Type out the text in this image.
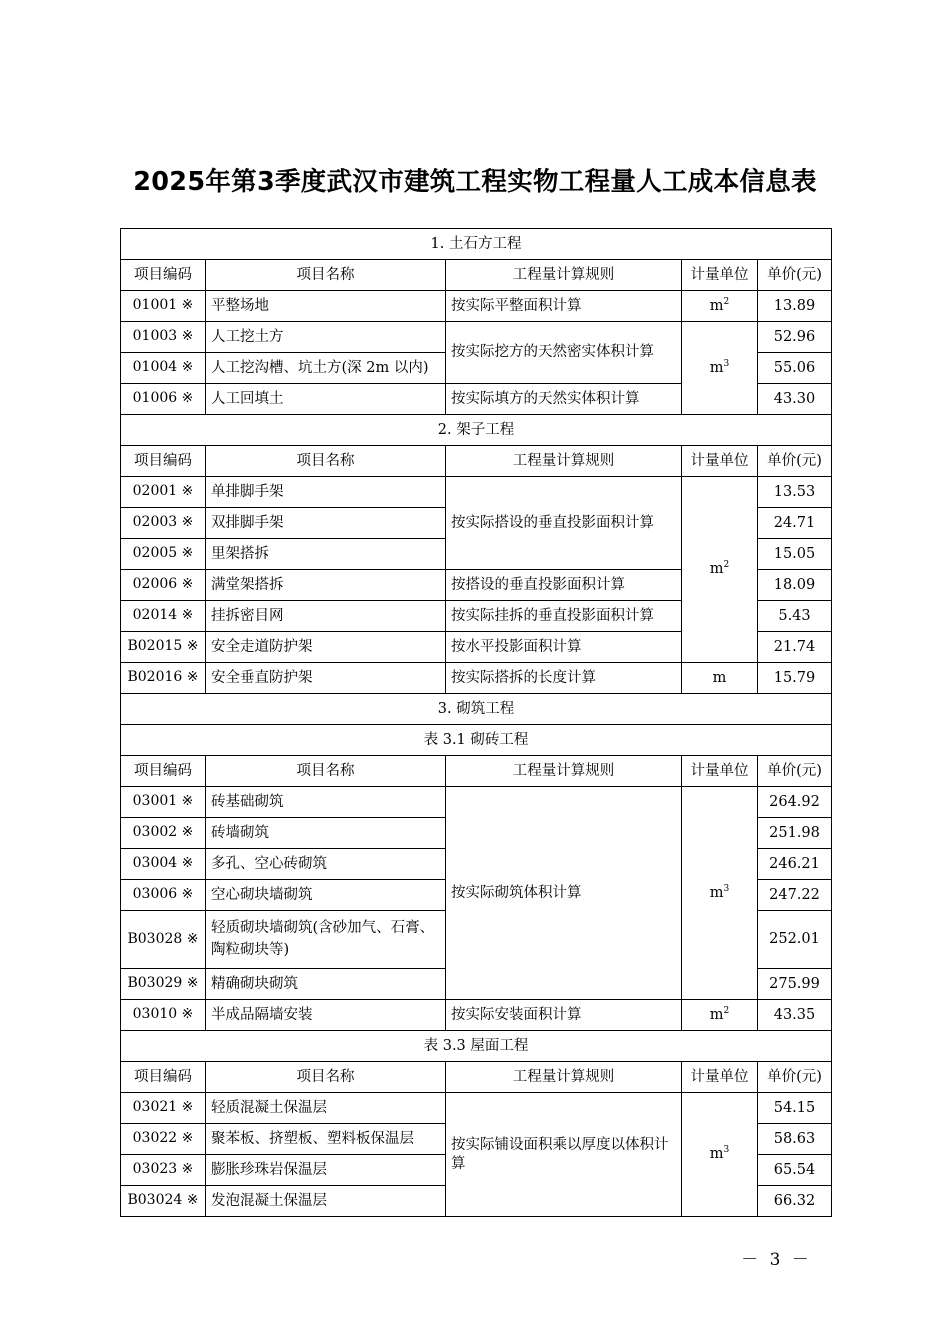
2025年第3季度武汉市建筑工程实物工程量人工成本信息表
1. 土石方工程				
项目编码	项目名称	工程量计算规则	计量单位	单价(元)
01001 ※	平整场地	按实际平整面积计算	$m^2$	13.89
01003 ※	人工挖土方	按实际挖方的天然密实体积计算	$m^3$	52.96
01004 ※	人工挖沟槽、坑土方(深 2m 以内)			55.06
01006 ※	人工回填土	按实际填方的天然实体积计算		43.30
2. 架子工程				
项目编码	项目名称	工程量计算规则	计量单位	单价(元)
02001 ※	单排脚手架	按实际搭设的垂直投影面积计算	$m^2$	13.53
02003 ※	双排脚手架			24.71
02005 ※	里架搭拆			15.05
02006 ※	满堂架搭拆	按搭设的垂直投影面积计算		18.09
02014 ※	挂拆密目网	按实际挂拆的垂直投影面积计算		5.43
B02015 ※	安全走道防护架	按水平投影面积计算		21.74
B02016 ※	安全垂直防护架	按实际搭拆的长度计算	m	15.79
3. 砌筑工程				
表 3.1 砌砖工程				
项目编码	项目名称	工程量计算规则	计量单位	单价(元)
03001 ※	砖基础砌筑	按实际砌筑体积计算	$m^3$	264.92
03002 ※	砖墙砌筑			251.98
03004 ※	多孔、空心砖砌筑			246.21
03006 ※	空心砌块墙砌筑			247.22
B03028 ※	轻质砌块墙砌筑(含砂加气、石膏、陶粒砌块等)			252.01
B03029 ※	精确砌块砌筑			275.99
03010 ※	半成品隔墙安装	按实际安装面积计算	$m^2$	43.35
表 3.3 屋面工程				
项目编码	项目名称	工程量计算规则	计量单位	单价(元)
03021 ※	轻质混凝土保温层	按实际铺设面积乘以厚度以体积计算	$m^3$	54.15
03022 ※	聚苯板、挤塑板、塑料板保温层			58.63
03023 ※	膨胀珍珠岩保温层			65.54
B03024 ※	发泡混凝土保温层			66.32
－ 3 －
